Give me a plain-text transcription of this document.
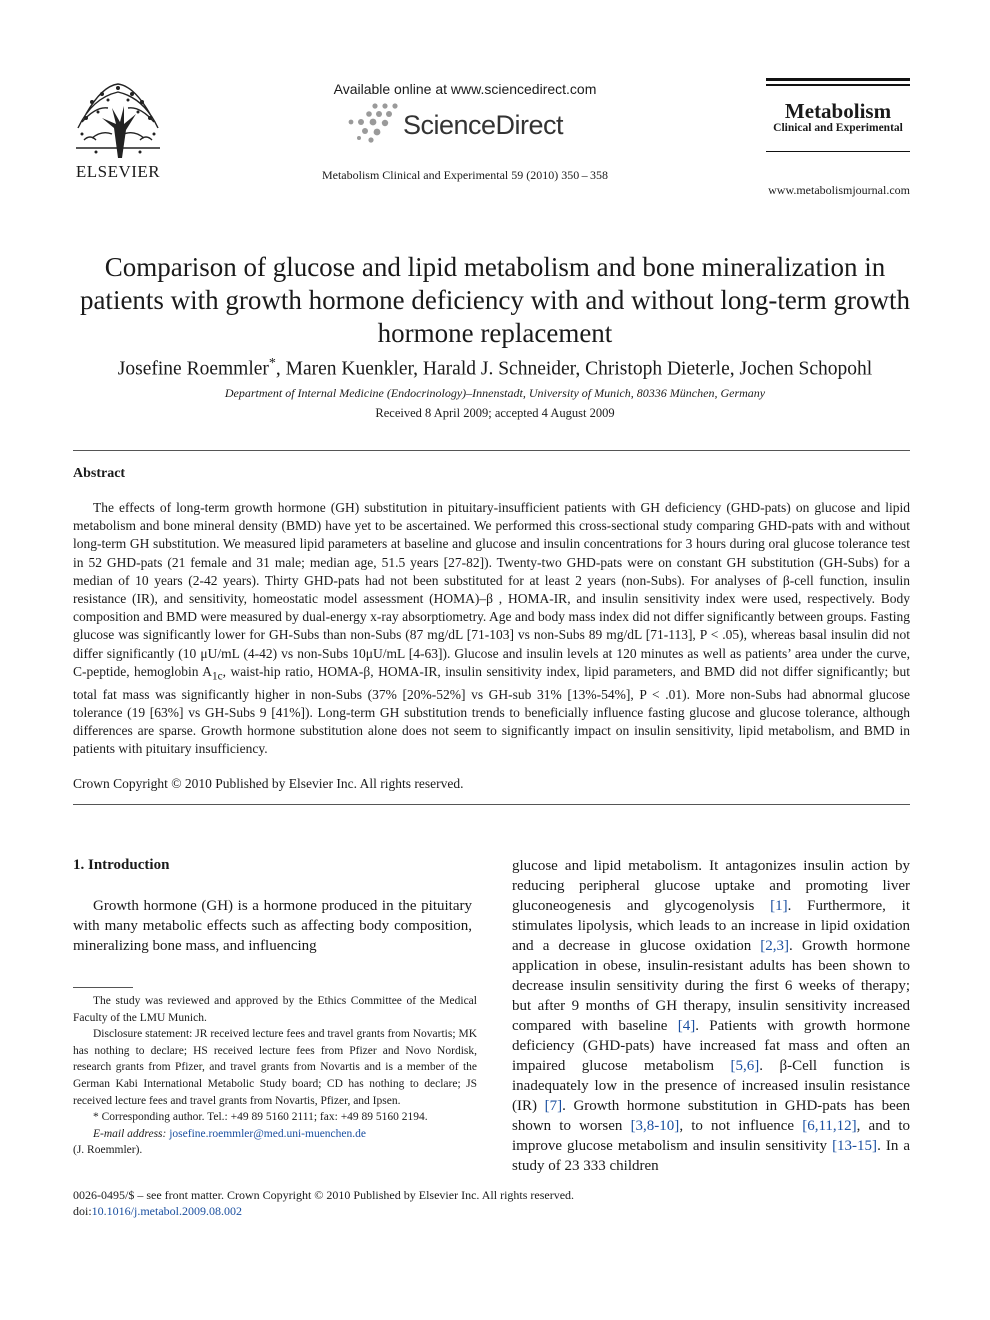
ELSEVIER
Available online at www.sciencedirect.com
ScienceDirect
Metabolism Clinical and Experimental 59 (2010) 350 – 358
Metabolism
Clinical and Experimental
www.metabolismjournal.com
Comparison of glucose and lipid metabolism and bone mineralization in patients with growth hormone deficiency with and without long-term growth hormone replacement
Josefine Roemmler*, Maren Kuenkler, Harald J. Schneider, Christoph Dieterle, Jochen Schopohl
Department of Internal Medicine (Endocrinology)–Innenstadt, University of Munich, 80336 München, Germany
Received 8 April 2009; accepted 4 August 2009
Abstract
The effects of long-term growth hormone (GH) substitution in pituitary-insufficient patients with GH deficiency (GHD-pats) on glucose and lipid metabolism and bone mineral density (BMD) have yet to be ascertained. We performed this cross-sectional study comparing GHD-pats with and without long-term GH substitution. We measured lipid parameters at baseline and glucose and insulin concentrations for 3 hours during oral glucose tolerance test in 52 GHD-pats (21 female and 31 male; median age, 51.5 years [27-82]). Twenty-two GHD-pats were on constant GH substitution (GH-Subs) for a median of 10 years (2-42 years). Thirty GHD-pats had not been substituted for at least 2 years (non-Subs). For analyses of β-cell function, insulin resistance (IR), and sensitivity, homeostatic model assessment (HOMA)–β , HOMA-IR, and insulin sensitivity index were used, respectively. Body composition and BMD were measured by dual-energy x-ray absorptiometry. Age and body mass index did not differ significantly between groups. Fasting glucose was significantly lower for GH-Subs than non-Subs (87 mg/dL [71-103] vs non-Subs 89 mg/dL [71-113], P < .05), whereas basal insulin did not differ significantly (10 μU/mL (4-42) vs non-Subs 10μU/mL [4-63]). Glucose and insulin levels at 120 minutes as well as patients’ area under the curve, C-peptide, hemoglobin $A_{1c}$, waist-hip ratio, HOMA-β, HOMA-IR, insulin sensitivity index, lipid parameters, and BMD did not differ significantly; but total fat mass was significantly higher in non-Subs (37% [20%-52%] vs GH-sub 31% [13%-54%], P < .01). More non-Subs had abnormal glucose tolerance (19 [63%] vs GH-Subs 9 [41%]). Long-term GH substitution trends to beneficially influence fasting glucose and glucose tolerance, although differences are sparse. Growth hormone substitution alone does not seem to significantly impact on insulin sensitivity, lipid metabolism, and BMD in patients with pituitary insufficiency.
Crown Copyright © 2010 Published by Elsevier Inc. All rights reserved.
1. Introduction
Growth hormone (GH) is a hormone produced in the pituitary with many metabolic effects such as affecting body composition, mineralizing bone mass, and influencing
glucose and lipid metabolism. It antagonizes insulin action by reducing peripheral glucose uptake and promoting liver gluconeogenesis and glycogenolysis [1]. Furthermore, it stimulates lipolysis, which leads to an increase in lipid oxidation and a decrease in glucose oxidation [2,3]. Growth hormone application in obese, insulin-resistant adults has been shown to decrease insulin sensitivity during the first 6 weeks of therapy; but after 9 months of GH therapy, insulin sensitivity increased compared with baseline [4]. Patients with growth hormone deficiency (GHD-pats) have increased fat mass and often an impaired glucose metabolism [5,6]. β-Cell function is inadequately low in the presence of increased insulin resistance (IR) [7]. Growth hormone substitution in GHD-pats has been shown to worsen [3,8-10], to not influence [6,11,12], and to improve glucose metabolism and insulin sensitivity [13-15]. In a study of 23 333 children

The study was reviewed and approved by the Ethics Committee of the Medical Faculty of the LMU Munich.

Disclosure statement: JR received lecture fees and travel grants from Novartis; MK has nothing to declare; HS received lecture fees from Pfizer and Novo Nordisk, research grants from Pfizer, and travel grants from Novartis and is a member of the German Kabi International Metabolic Study board; CD has nothing to declare; JS received lecture fees and travel grants from Novartis, Pfizer, and Ipsen.

* Corresponding author. Tel.: +49 89 5160 2111; fax: +49 89 5160 2194.

E-mail address: josefine.roemmler@med.uni-muenchen.de

(J. Roemmler).

0026-0495/$ – see front matter. Crown Copyright © 2010 Published by Elsevier Inc. All rights reserved.
doi:10.1016/j.metabol.2009.08.002
